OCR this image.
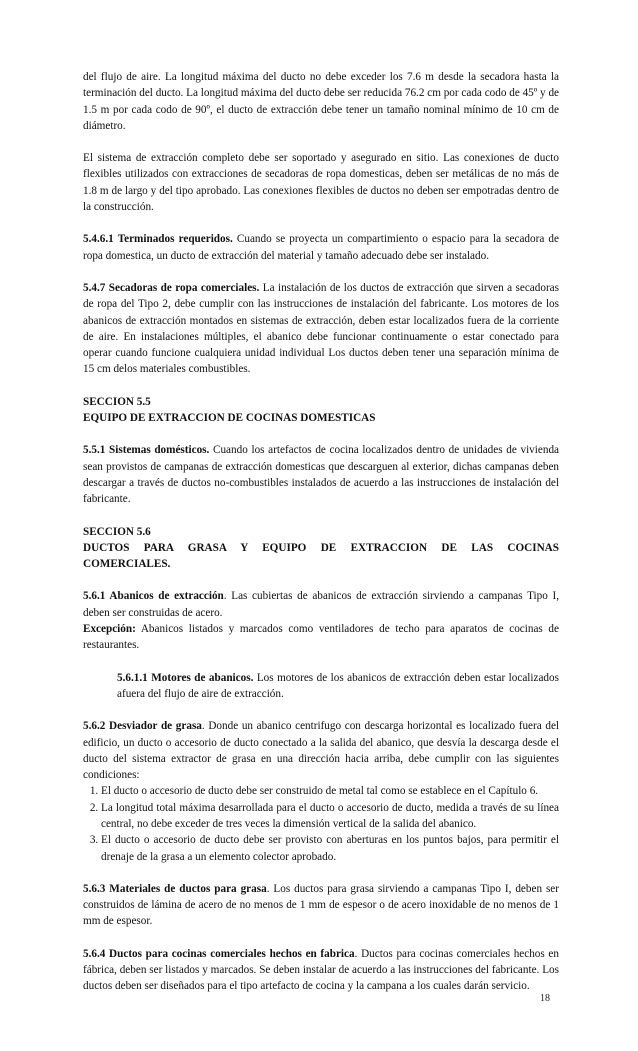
del flujo de aire. La longitud máxima del ducto no debe exceder los 7.6 m desde la secadora hasta la terminación del ducto. La longitud máxima del ducto debe ser reducida 76.2 cm por cada codo de 45º y de 1.5 m por cada codo de 90º, el ducto de extracción debe tener un tamaño nominal mínimo de 10 cm de diámetro.

El sistema de extracción completo debe ser soportado y asegurado en sitio. Las conexiones de ducto flexibles utilizados con extracciones de secadoras de ropa domesticas, deben ser metálicas de no más de 1.8 m de largo y del tipo aprobado. Las conexiones flexibles de ductos no deben ser empotradas dentro de la construcción.

5.4.6.1 Terminados requeridos. Cuando se proyecta un compartimiento o espacio para la secadora de ropa domestica, un ducto de extracción del material y tamaño adecuado debe ser instalado.

5.4.7 Secadoras de ropa comerciales. La instalación de los ductos de extracción que sirven a secadoras de ropa del Tipo 2, debe cumplir con las instrucciones de instalación del fabricante. Los motores de los abanicos de extracción montados en sistemas de extracción, deben estar localizados fuera de la corriente de aire. En instalaciones múltiples, el abanico debe funcionar continuamente o estar conectado para operar cuando funcione cualquiera unidad individual Los ductos deben tener una separación mínima de 15 cm delos materiales combustibles.

SECCION 5.5

EQUIPO DE EXTRACCION DE COCINAS DOMESTICAS

5.5.1 Sistemas domésticos. Cuando los artefactos de cocina localizados dentro de unidades de vivienda sean provistos de campanas de extracción domesticas que descarguen al exterior, dichas campanas deben descargar a través de ductos no-combustibles instalados de acuerdo a las instrucciones de instalación del fabricante.

SECCION 5.6

DUCTOS PARA GRASA Y EQUIPO DE EXTRACCION DE LAS COCINAS COMERCIALES.

5.6.1 Abanicos de extracción. Las cubiertas de abanicos de extracción sirviendo a campanas Tipo I, deben ser construidas de acero.

Excepción: Abanicos listados y marcados como ventiladores de techo para aparatos de cocinas de restaurantes.

5.6.1.1 Motores de abanicos. Los motores de los abanicos de extracción deben estar localizados afuera del flujo de aire de extracción.

5.6.2 Desviador de grasa. Donde un abanico centrifugo con descarga horizontal es localizado fuera del edificio, un ducto o accesorio de ducto conectado a la salida del abanico, que desvía la descarga desde el ducto del sistema extractor de grasa en una dirección hacia arriba, debe cumplir con las siguientes condiciones:

1. El ducto o accesorio de ducto debe ser construido de metal tal como se establece en el Capítulo 6.
2. La longitud total máxima desarrollada para el ducto o accesorio de ducto, medida a través de su línea central, no debe exceder de tres veces la dimensión vertical de la salida del abanico.
3. El ducto o accesorio de ducto debe ser provisto con aberturas en los puntos bajos, para permitir el drenaje de la grasa a un elemento colector aprobado.

5.6.3 Materiales de ductos para grasa. Los ductos para grasa sirviendo a campanas Tipo I, deben ser construidos de lámina de acero de no menos de 1 mm de espesor o de acero inoxidable de no menos de 1 mm de espesor.

5.6.4 Ductos para cocinas comerciales hechos en fabrica. Ductos para cocinas comerciales hechos en fábrica, deben ser listados y marcados. Se deben instalar de acuerdo a las instrucciones del fabricante. Los ductos deben ser diseñados para el tipo artefacto de cocina y la campana a los cuales darán servicio.

18
